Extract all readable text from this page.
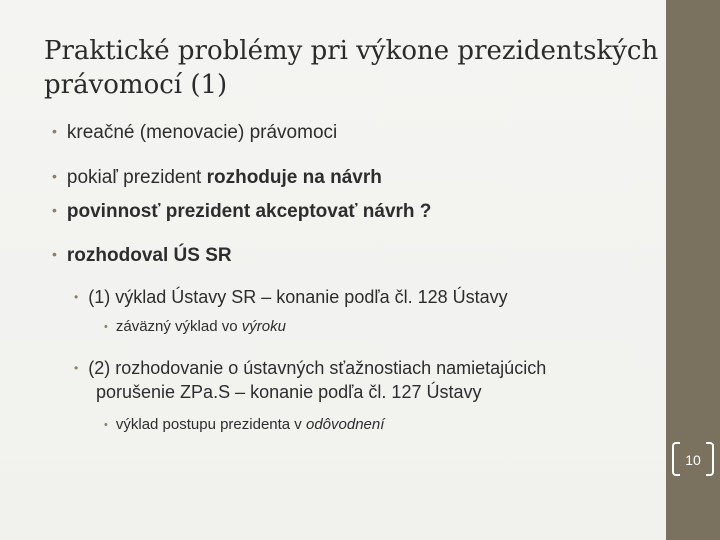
Praktické problémy pri výkone prezidentských
právomocí (1)
• kreačné (menovacie) právomoci
• pokiaľ prezident rozhoduje na návrh
• povinnosť prezident akceptovať návrh ?
• rozhodoval ÚS SR
• (1) výklad Ústavy SR – konanie podľa čl. 128 Ústavy
• záväzný výklad vo výroku
• (2) rozhodovanie o ústavných sťažnostiach namietajúcich
porušenie ZPa.S – konanie podľa čl. 127 Ústavy
• výklad postupu prezidenta v odôvodnení
10
